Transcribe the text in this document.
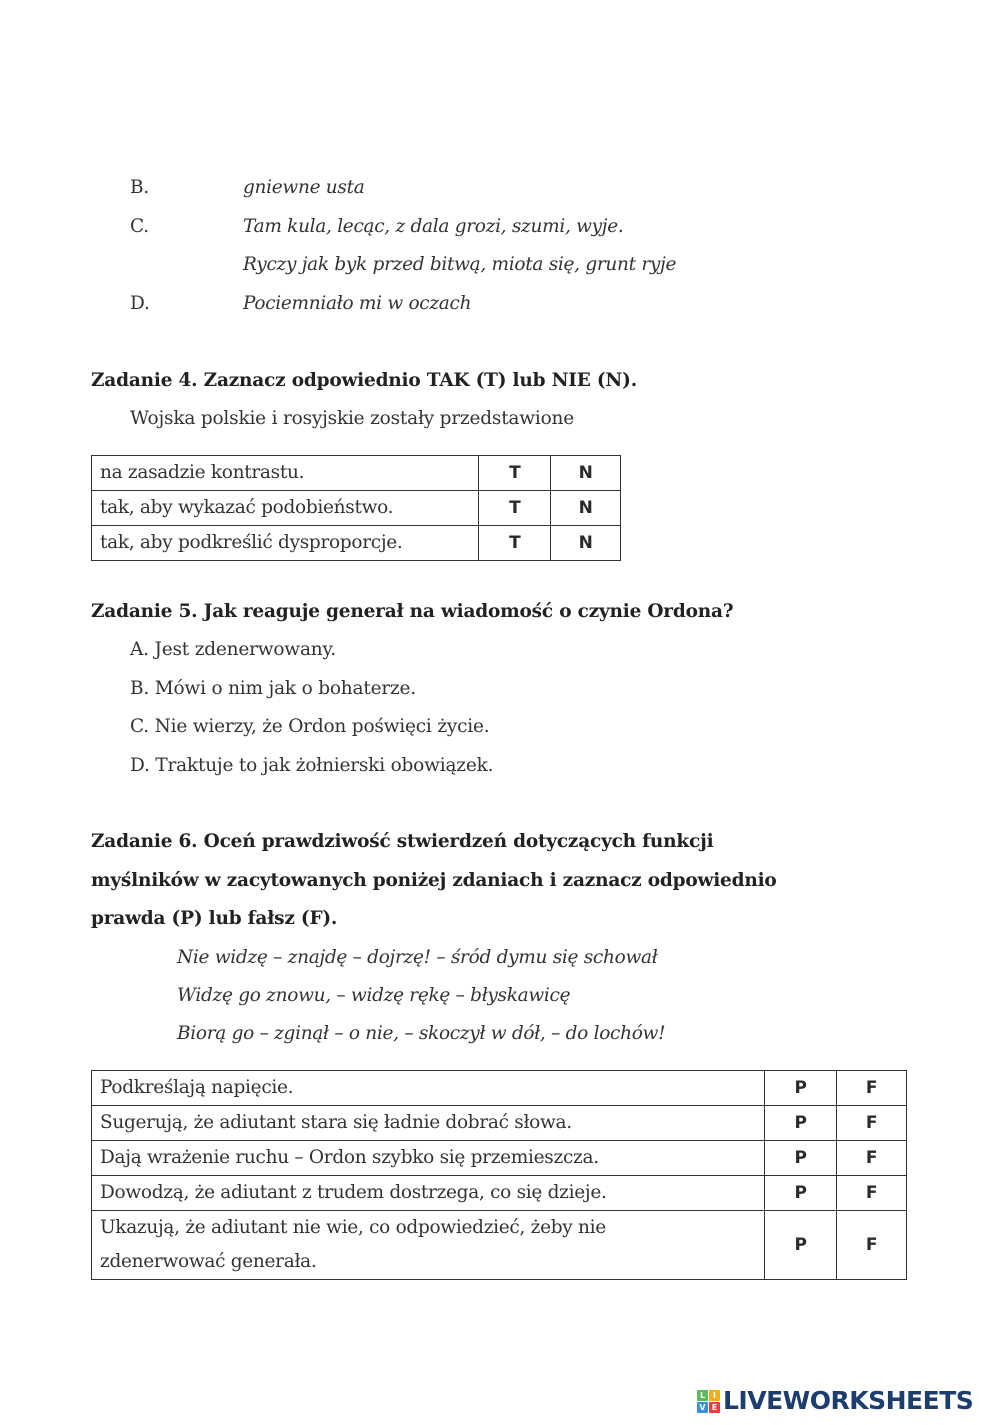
B.	gniewne usta
C.	Tam kula, lecąc, z dala grozi, szumi, wyje.
Ryczy jak byk przed bitwą, miota się, grunt ryje
D.	Pociemniało mi w oczach
Zadanie 4. Zaznacz odpowiednio TAK (T) lub NIE (N).
Wojska polskie i rosyjskie zostały przedstawione
na zasadzie kontrastu.	T	N
tak, aby wykazać podobieństwo.	T	N
tak, aby podkreślić dysproporcje.	T	N
Zadanie 5. Jak reaguje generał na wiadomość o czynie Ordona?
A. Jest zdenerwowany.
B. Mówi o nim jak o bohaterze.
C. Nie wierzy, że Ordon poświęci życie.
D. Traktuje to jak żołnierski obowiązek.
Zadanie 6. Oceń prawdziwość stwierdzeń dotyczących funkcji
myślników w zacytowanych poniżej zdaniach i zaznacz odpowiednio
prawda (P) lub fałsz (F).
Nie widzę – znajdę – dojrzę! – śród dymu się schował
Widzę go znowu, – widzę rękę – błyskawicę
Biorą go – zginął – o nie, – skoczył w dół, – do lochów!
Podkreślają napięcie.	P	F
Sugerują, że adiutant stara się ładnie dobrać słowa.	P	F
Dają wrażenie ruchu – Ordon szybko się przemieszcza.	P	F
Dowodzą, że adiutant z trudem dostrzega, co się dzieje.	P	F

Ukazują, że adiutant nie wie, co odpowiedzieć, żeby nie
zdenerwować generała.	P	F
L I
V E LIVEWORKSHEETS
